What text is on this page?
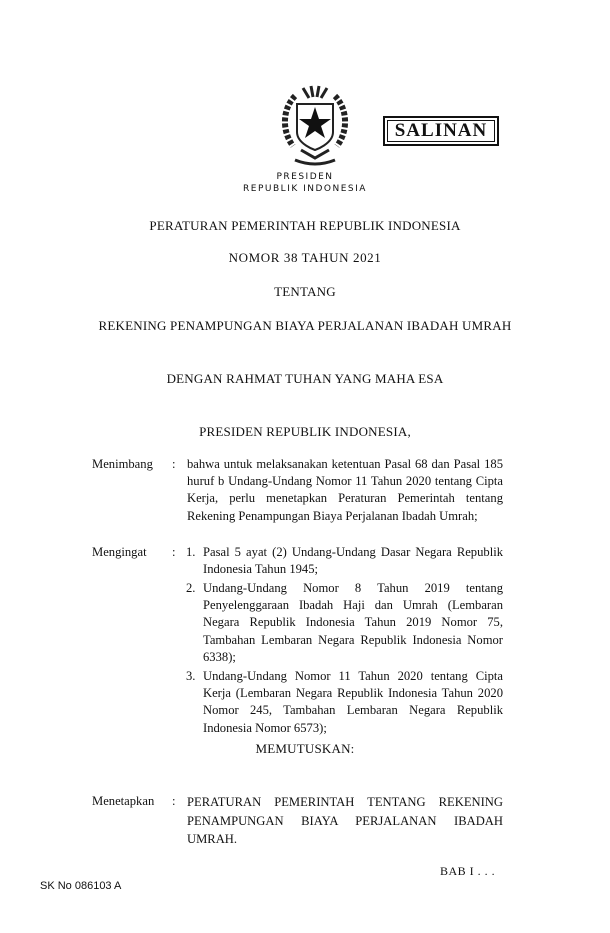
SALINAN
PRESIDEN
REPUBLIK INDONESIA
PERATURAN PEMERINTAH REPUBLIK INDONESIA
NOMOR 38 TAHUN 2021
TENTANG
REKENING PENAMPUNGAN BIAYA PERJALANAN IBADAH UMRAH
DENGAN RAHMAT TUHAN YANG MAHA ESA
PRESIDEN REPUBLIK INDONESIA,
Menimbang : bahwa untuk melaksanakan ketentuan Pasal 68 dan Pasal 185 huruf b Undang-Undang Nomor 11 Tahun 2020 tentang Cipta Kerja, perlu menetapkan Peraturan Pemerintah tentang Rekening Penampungan Biaya Perjalanan Ibadah Umrah;

Mengingat : 1. Pasal 5 ayat (2) Undang-Undang Dasar Negara Republik Indonesia Tahun 1945;

2. Undang-Undang Nomor 8 Tahun 2019 tentang Penyelenggaraan Ibadah Haji dan Umrah (Lembaran Negara Republik Indonesia Tahun 2019 Nomor 75, Tambahan Lembaran Negara Republik Indonesia Nomor 6338);

3. Undang-Undang Nomor 11 Tahun 2020 tentang Cipta Kerja (Lembaran Negara Republik Indonesia Tahun 2020 Nomor 245, Tambahan Lembaran Negara Republik Indonesia Nomor 6573);

MEMUTUSKAN:
Menetapkan : PERATURAN PEMERINTAH TENTANG REKENING PENAMPUNGAN BIAYA PERJALANAN IBADAH UMRAH.

BAB I . . .
SK No 086103 A
